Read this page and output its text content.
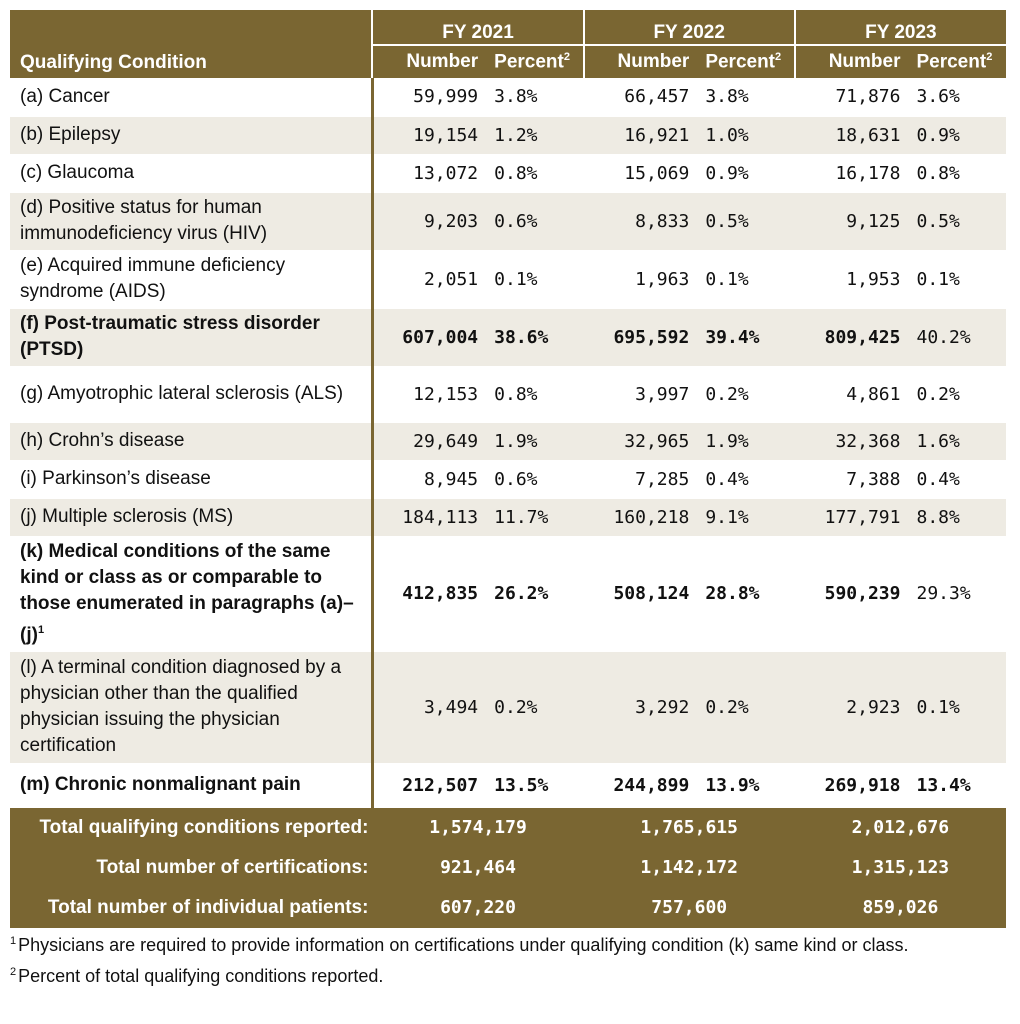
Qualifying Condition	FY 2021		FY 2022		FY 2023	
	Number	Percent$^2$	Number	Percent$^2$	Number	Percent$^2$
(a) Cancer	59,999	3.8%	66,457	3.8%	71,876	3.6%
(b) Epilepsy	19,154	1.2%	16,921	1.0%	18,631	0.9%
(c) Glaucoma	13,072	0.8%	15,069	0.9%	16,178	0.8%
(d) Positive status for human immunodeficiency virus (HIV)	9,203	0.6%	8,833	0.5%	9,125	0.5%
(e) Acquired immune deficiency syndrome (AIDS)	2,051	0.1%	1,963	0.1%	1,953	0.1%
(f) Post-traumatic stress disorder (PTSD)	607,004	38.6%	695,592	39.4%	809,425	40.2%
(g) Amyotrophic lateral sclerosis (ALS)	12,153	0.8%	3,997	0.2%	4,861	0.2%
(h) Crohn’s disease	29,649	1.9%	32,965	1.9%	32,368	1.6%
(i) Parkinson’s disease	8,945	0.6%	7,285	0.4%	7,388	0.4%
(j) Multiple sclerosis (MS)	184,113	11.7%	160,218	9.1%	177,791	8.8%
(k) Medical conditions of the same kind or class as or comparable to those enumerated in paragraphs $(a)-(j)^1$	412,835	26.2%	508,124	28.8%	590,239	29.3%
(l) A terminal condition diagnosed by a physician other than the qualified physician issuing the physician certification	3,494	0.2%	3,292	0.2%	2,923	0.1%
(m) Chronic nonmalignant pain	212,507	13.5%	244,899	13.9%	269,918	13.4%
Total qualifying conditions reported:	1,574,179		1,765,615		2,012,676	
Total number of certifications:	921,464		1,142,172		1,315,123	
Total number of individual patients:	607,220		757,600		859,026	

$^1$ Physicians are required to provide information on certifications under qualifying condition (k) same kind or class.

$^2$ Percent of total qualifying conditions reported.
